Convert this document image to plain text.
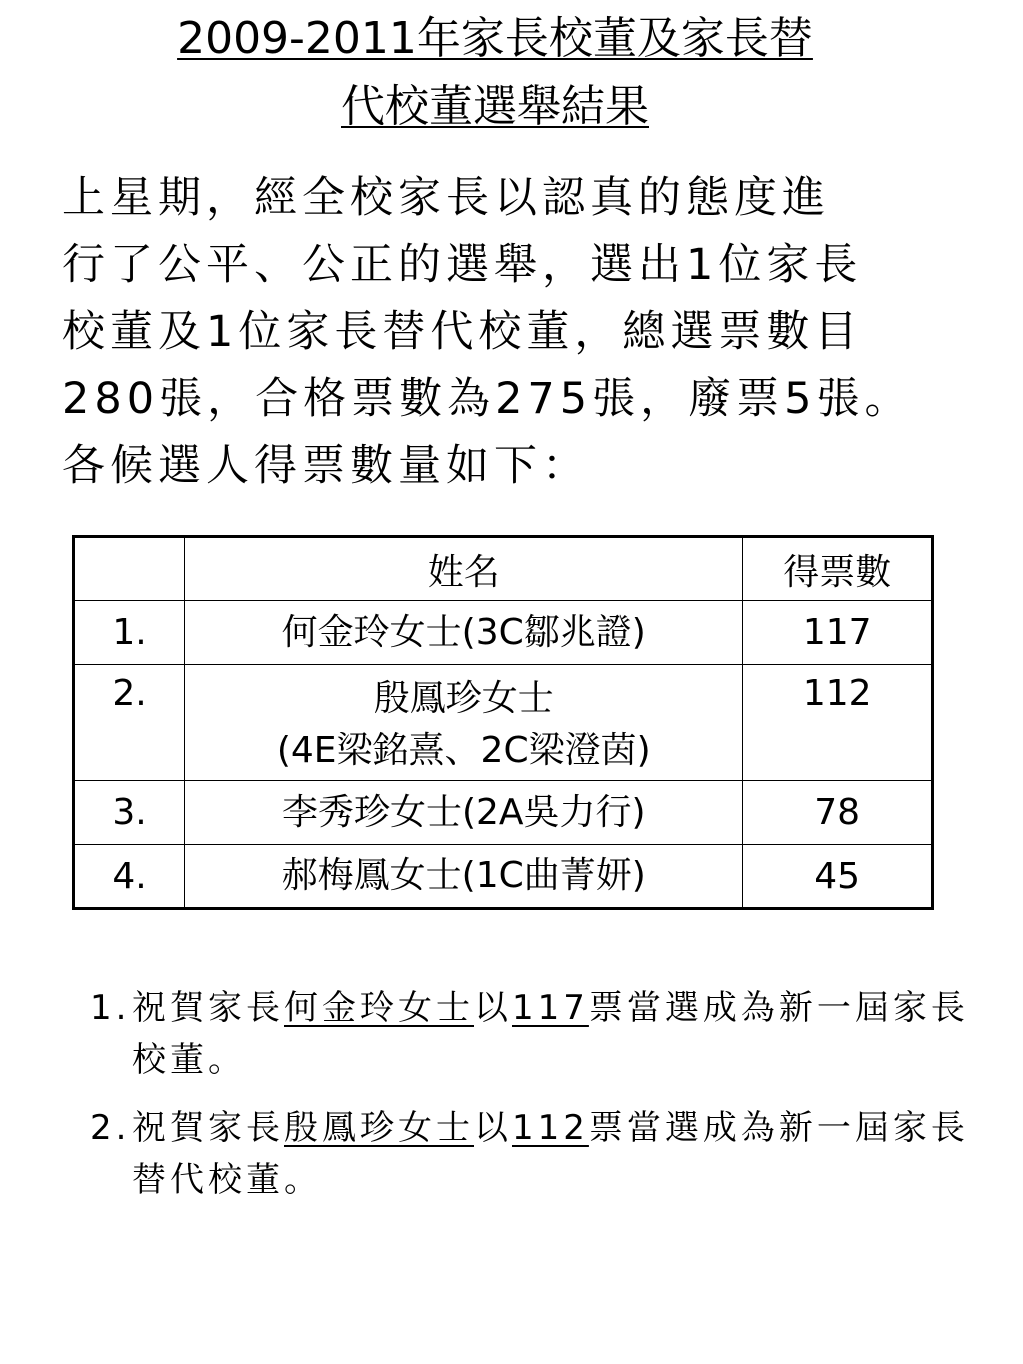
2009-2011年家長校董及家長替
代校董選舉結果
上星期，經全校家長以認真的態度進
行了公平、公正的選舉，選出1位家長
校董及1位家長替代校董，總選票數目
280張，合格票數為275張，廢票5張。
各候選人得票數量如下：
	姓名	得票數
1.	何金玲女士(3C鄒兆證)	117
2.	殷鳳珍女士
(4E梁銘熹、2C梁澄茵)	112
3.	李秀珍女士(2A吳力行)	78
4.	郝梅鳳女士(1C曲菁妍)	45
1. 祝賀家長何金玲女士以117票當選成為新一屆家長校董。
2. 祝賀家長殷鳳珍女士以112票當選成為新一屆家長替代校董。
